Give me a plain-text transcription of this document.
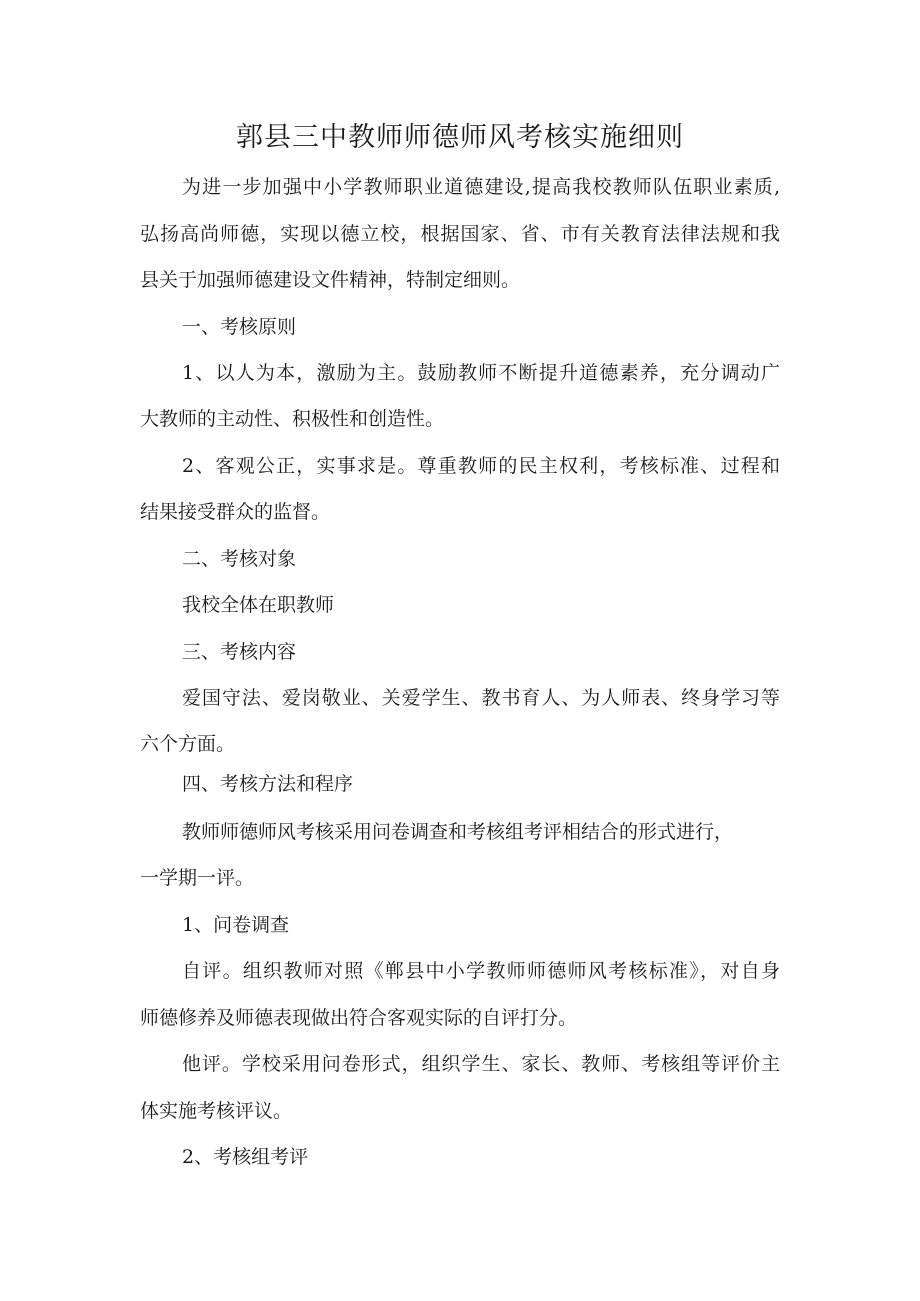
郭县三中教师师德师风考核实施细则

为进一步加强中小学教师职业道德建设,提高我校教师队伍职业素质,

弘扬高尚师德，实现以德立校，根据国家、省、市有关教育法律法规和我

县关于加强师德建设文件精神，特制定细则。

一、考核原则

1、以人为本，激励为主。鼓励教师不断提升道德素养，充分调动广

大教师的主动性、积极性和创造性。

2、客观公正，实事求是。尊重教师的民主权利，考核标准、过程和

结果接受群众的监督。

二、考核对象

我校全体在职教师

三、考核内容

爱国守法、爱岗敬业、关爱学生、教书育人、为人师表、终身学习等

六个方面。

四、考核方法和程序

教师师德师风考核采用问卷调查和考核组考评相结合的形式进行，

一学期一评。

1、问卷调查

自评。组织教师对照《郸县中小学教师师德师风考核标准》，对自身

师德修养及师德表现做出符合客观实际的自评打分。

他评。学校采用问卷形式，组织学生、家长、教师、考核组等评价主

体实施考核评议。

2、考核组考评
